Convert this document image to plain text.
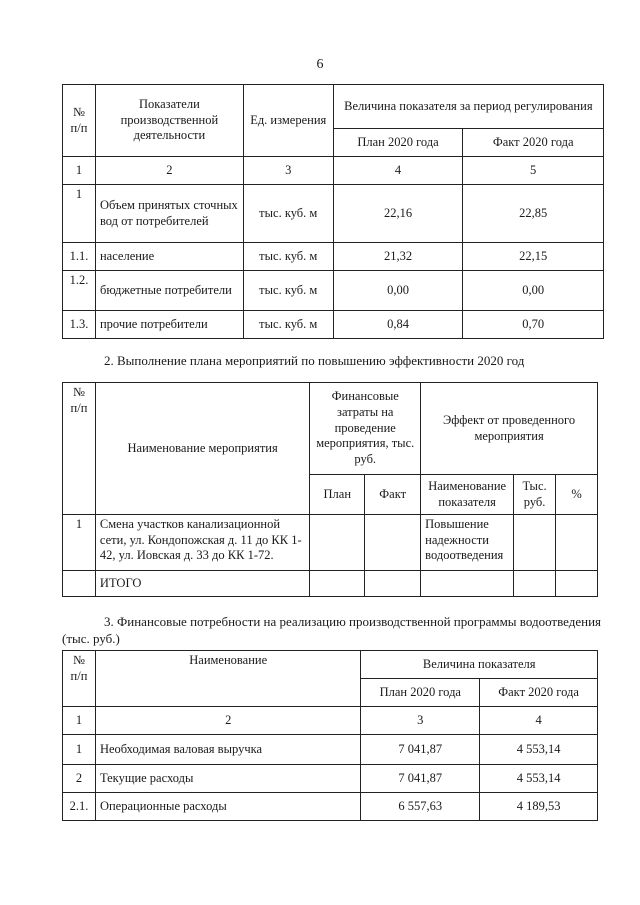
6
№ п/п	Показатели производственной деятельности	Ед. измерения	Величина показателя за период регулирования	
			План 2020 года	Факт 2020 года
1	2	3	4	5
1	Объем принятых сточных вод от потребителей	тыс. куб. м	22,16	22,85
1.1.	население	тыс. куб. м	21,32	22,15
1.2.	бюджетные потребители	тыс. куб. м	0,00	0,00
1.3.	прочие потребители	тыс. куб. м	0,84	0,70
2. Выполнение плана мероприятий по повышению эффективности 2020 год
№ п/п	Наименование мероприятия	Финансовые затраты на проведение мероприятия, тыс. руб.		Эффект от проведенного мероприятия		
		План	Факт	Наименование показателя	Тыс. руб.	%
1	Смена участков канализационной сети, ул. Кондопожская д. 11 до КК 1-42, ул. Иовская д. 33 до КК 1-72.			Повышение надежности водоотведения		
	ИТОГО					
3. Финансовые потребности на реализацию производственной программы водоотведения (тыс. руб.)
№ п/п	Наименование	Величина показателя	
		План 2020 года	Факт 2020 года
1	2	3	4
1	Необходимая валовая выручка	7 041,87	4 553,14
2	Текущие расходы	7 041,87	4 553,14
2.1.	Операционные расходы	6 557,63	4 189,53
